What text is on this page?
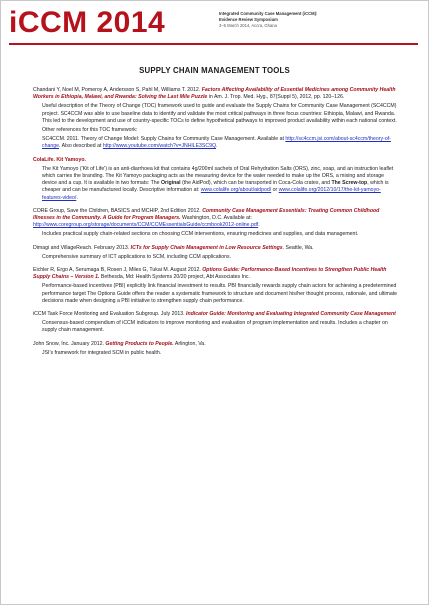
iCCM 2014	Integrated Community Case Management (iCCM):
Evidence Review Symposium
3–5 March 2014, Accra, Ghana
SUPPLY CHAIN MANAGEMENT TOOLS
Chandani Y, Noel M, Pomeroy A, Andersson S, Pahl M, Williams T. 2012. Factors Affecting Availability of Essential Medicines among Community Health Workers in Ethiopia, Malawi, and Rwanda: Solving the Last Mile Puzzle in Am. J. Trop. Med. Hyg., 87(Suppl 5), 2012, pp. 120–126.

Useful description of the Theory of Change (TOC) framework used to guide and evaluate the Supply Chains for Community Case Management (SC4CCM) project. SC4CCM was able to use baseline data to identify and validate the most critical pathways in three focus countries: Ethiopia, Malawi, and Rwanda. This led to the development and use of country-specific TOCs to define hypothetical pathways to improved product availability within each national context.

Other references for this TOC framework:

SC4CCM. 2011. Theory of Change Model: Supply Chains for Community Case Management. Available at http://sc4ccm.jsi.com/about-sc4ccm/theory-of-change. Also described at http://www.youtube.com/watch?v=JNHlLE3SC9Q.

ColaLife. Kit Yamoyo.

The Kit Yamoyo ('Kit of Life') is an anti-diarrhoea kit that contains 4g/200ml sachets of Oral Rehydration Salts (ORS), zinc, soap, and an instruction leaflet which carries the branding. The Kit Yamoyo packaging acts as the measuring device for the water needed to make up the ORS, a mixing and storage device and a cup. It is available in two formats: The Original (the AidPod), which can be transported in Coca-Cola crates, and The Screw-top, which is cheaper and can be manufactured locally. Descriptive information at: www.colalife.org/about/aidpod/ or www.colalife.org/2012/10/17/the-kit-yamoyo-features-video/.

CORE Group, Save the Children, BASICS and MCHIP, 2nd Edition 2012. Community Case Management Essentials: Treating Common Childhood Illnesses in the Community. A Guide for Program Managers. Washington, D.C. Available at: http://www.coregroup.org/storage/documents/CCM/CCMEssentialsGuide/ccmbook2012-online.pdf.

Includes practical supply chain-related sections on choosing CCM interventions, ensuring medicines and supplies, and data management.

Dimagi and VillageReach. February 2013. ICTs for Supply Chain Management in Low Resource Settings. Seattle, Wa.

Comprehensive summary of ICT applications to SCM, including CCM applications.

Eichler R, Ergo A, Serumaga B, Rosen J, Miles G, Tukai M. August 2012. Options Guide: Performance-Based Incentives to Strengthen Public Health Supply Chains – Version 1. Bethesda, Md: Health Systems 20/20 project, Abt Associates Inc.

Performance-based incentives (PBI) explicitly link financial investment to results. PBI financially rewards supply chain actors for achieving a predetermined performance target The Options Guide offers the reader a systematic framework to structure and document his/her thought process, rationale, and ultimate decisions made when designing a PBI initiative to strengthen supply chain performance.

iCCM Task Force Monitoring and Evaluation Subgroup. July 2013. Indicator Guide: Monitoring and Evaluating Integrated Community Case Management

Consensus-based compendium of iCCM indicators to improve monitoring and evaluation of program implementation and results. Includes a chapter on supply chain management.

John Snow, Inc. January 2012. Getting Products to People. Arlington, Va.

JSI's framework for integrated SCM in public health.
